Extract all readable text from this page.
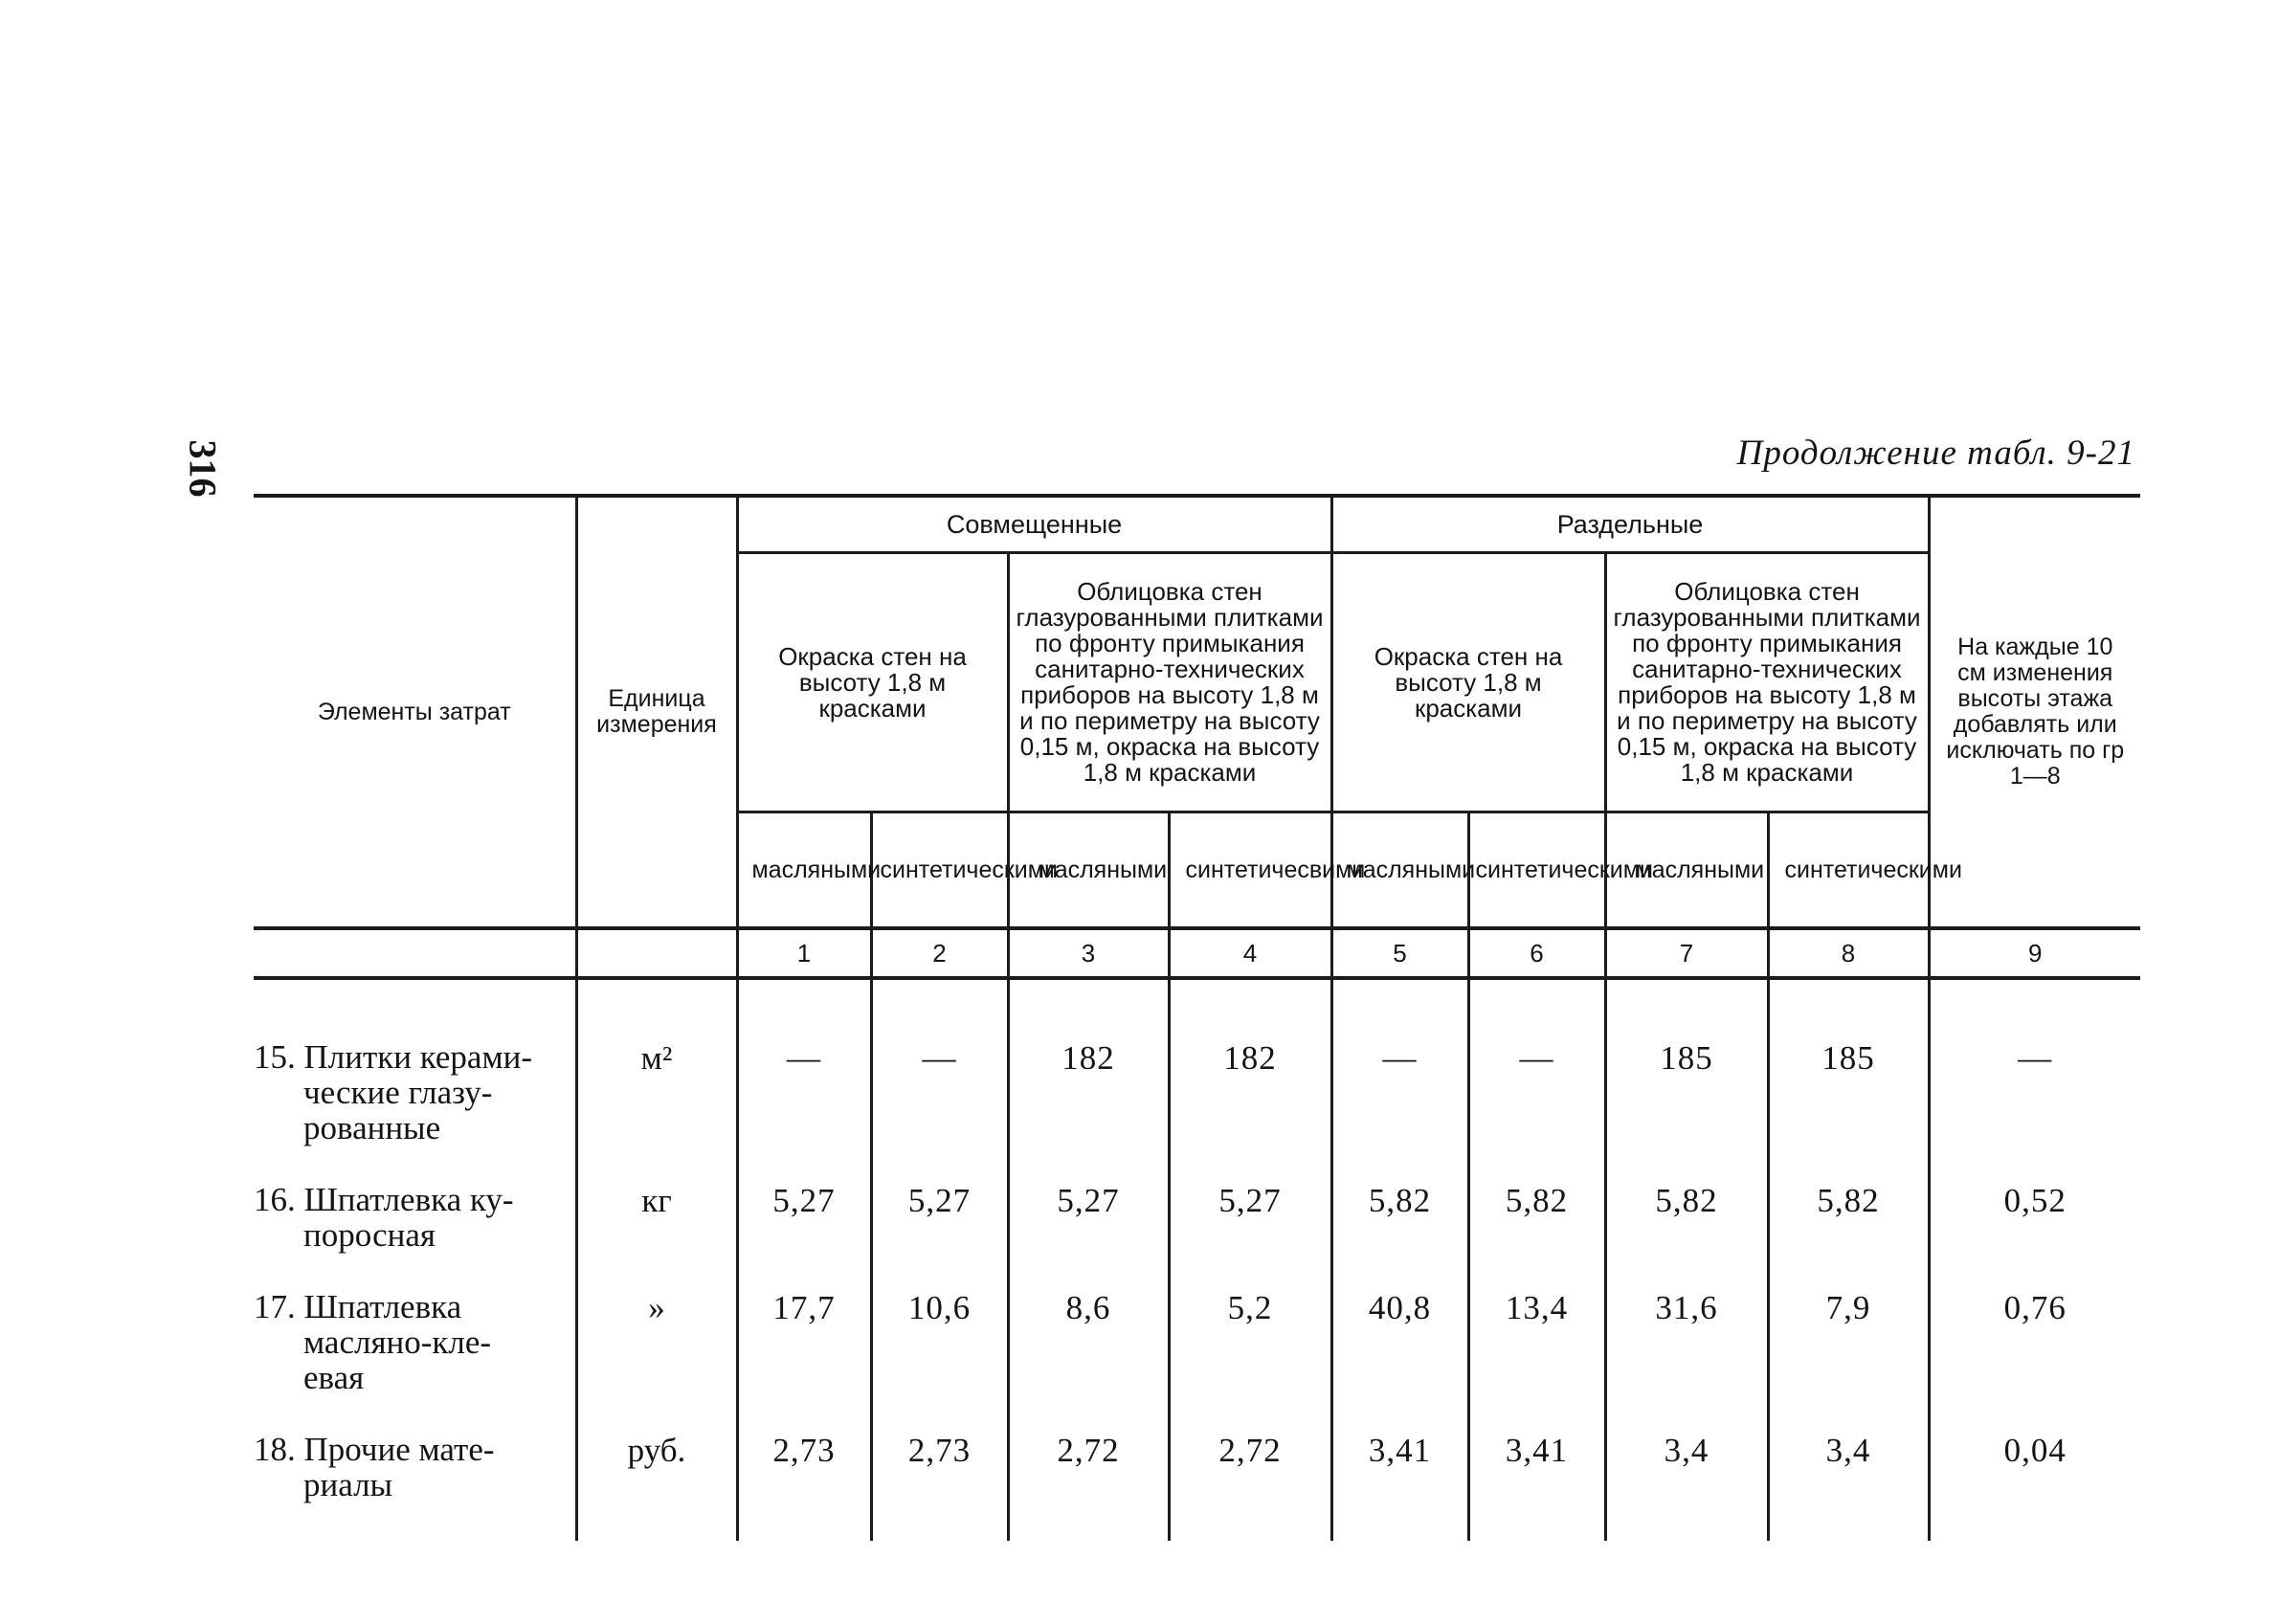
316	Продолжение табл. 9-21
Элементы затрат	Единица измерения	Совмещенные				Раздельные				На каждые 10 см изменения высоты этажа добавлять или исключать по гр 1—8
		Окраска стен на высоту 1,8 м красками		Облицовка стен глазурованными плитками по фронту примыкания санитарно-технических приборов на высоту 1,8 м и по периметру на высоту 0,15 м, окраска на высоту 1,8 м красками		Окраска стен на высоту 1,8 м красками		Облицовка стен глазурованными плитками по фронту примыкания санитарно-технических приборов на высоту 1,8 м и по периметру на высоту 0,15 м, окраска на высоту 1,8 м красками		
		масляными	синтетическими	масляными	синтетичесвими	масляными	синтетическими	масляными	синтетическими	
		1	2	3	4	5	6	7	8	9

15. Плитки керами-
ческие глазу-
рованные	м²	—	—	182	182	—	—	185	185	—

16. Шпатлевка ку-
поросная	кг	5,27	5,27	5,27	5,27	5,82	5,82	5,82	5,82	0,52

17. Шпатлевка
масляно-кле-
евая	»	17,7	10,6	8,6	5,2	40,8	13,4	31,6	7,9	0,76

18. Прочие мате-
риалы	руб.	2,73	2,73	2,72	2,72	3,41	3,41	3,4	3,4	0,04
